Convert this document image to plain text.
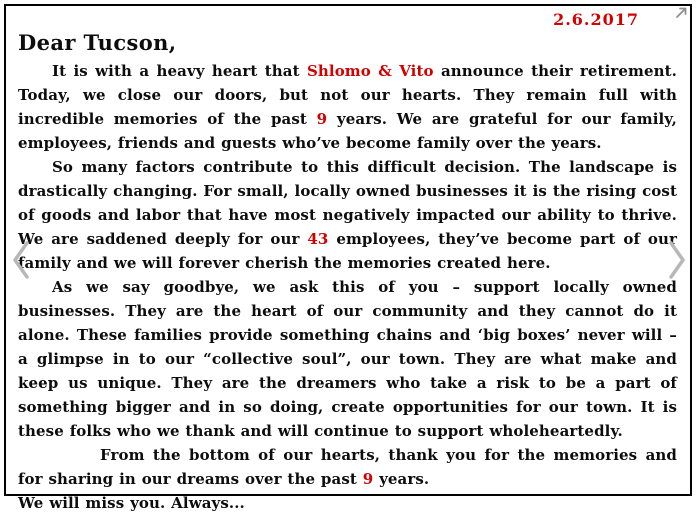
2.6.2017
Dear Tucson,

It is with a heavy heart that Shlomo & Vito announce their retirement. Today, we close our doors, but not our hearts. They remain full with incredible memories of the past 9 years. We are grateful for our family, employees, friends and guests who’ve become family over the years.

So many factors contribute to this difficult decision. The landscape is drastically changing. For small, locally owned businesses it is the rising cost of goods and labor that have most negatively impacted our ability to thrive. We are saddened deeply for our 43 employees, they’ve become part of our family and we will forever cherish the memories created here.

As we say goodbye, we ask this of you – support locally owned businesses. They are the heart of our community and they cannot do it alone. These families provide something chains and ‘big boxes’ never will – a glimpse in to our “collective soul”, our town. They are what make and keep us unique. They are the dreamers who take a risk to be a part of something bigger and in so doing, create opportunities for our town. It is these folks who we thank and will continue to support wholeheartedly.

From the bottom of our hearts, thank you for the memories and for sharing in our dreams over the past 9 years.

We will miss you. Always...
